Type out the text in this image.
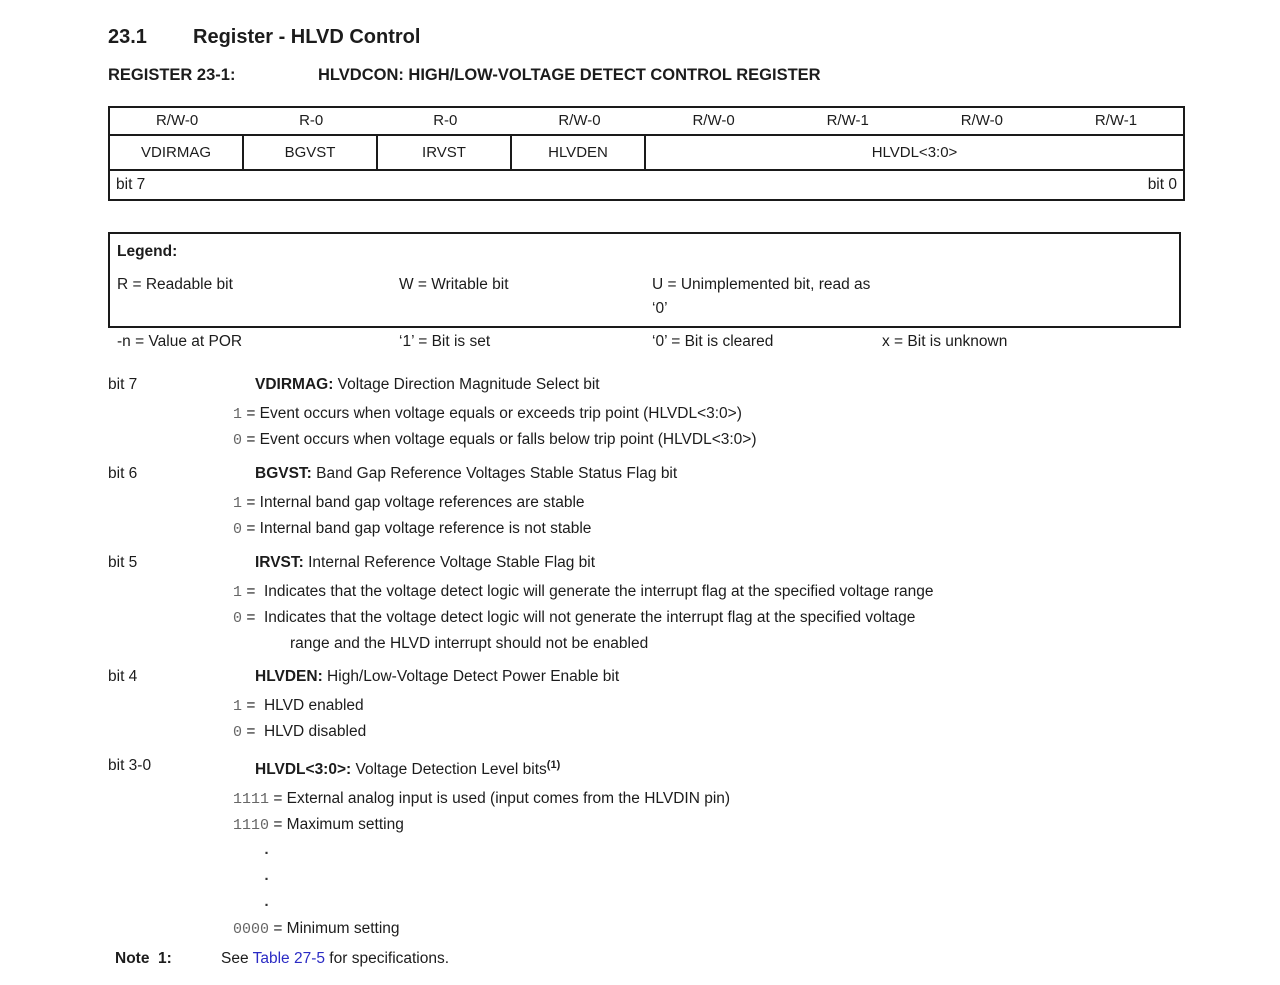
23.1 Register - HLVD Control
REGISTER 23-1:	HLVDCON: HIGH/LOW-VOLTAGE DETECT CONTROL REGISTER
R/W-0	R-0	R-0	R/W-0	R/W-0	R/W-1	R/W-0	R/W-1
VDIRMAG	BGVST	IRVST	HLVDEN	HLVDL<3:0>
bit 7	bit 0
Legend:
R = Readable bit	W = Writable bit	U = Unimplemented bit, read as ‘0’
-n = Value at POR	‘1’ = Bit is set	‘0’ = Bit is cleared	x = Bit is unknown
bit 7	VDIRMAG: Voltage Direction Magnitude Select bit
1 = Event occurs when voltage equals or exceeds trip point (HLVDL<3:0>)
0 = Event occurs when voltage equals or falls below trip point (HLVDL<3:0>)
bit 6	BGVST: Band Gap Reference Voltages Stable Status Flag bit
1 = Internal band gap voltage references are stable
0 = Internal band gap voltage reference is not stable
bit 5	IRVST: Internal Reference Voltage Stable Flag bit
1 =  Indicates that the voltage detect logic will generate the interrupt flag at the specified voltage range
0 =  Indicates that the voltage detect logic will not generate the interrupt flag at the specified voltage
range and the HLVD interrupt should not be enabled
bit 4	HLVDEN: High/Low-Voltage Detect Power Enable bit
1 =  HLVD enabled
0 =  HLVD disabled
bit 3-0	HLVDL<3:0>: Voltage Detection Level bits$^{(1)}$
1111 = External analog input is used (input comes from the HLVDIN pin)
1110 = Maximum setting
.
.
.
0000 = Minimum setting
Note  1:	See Table 27-5 for specifications.
